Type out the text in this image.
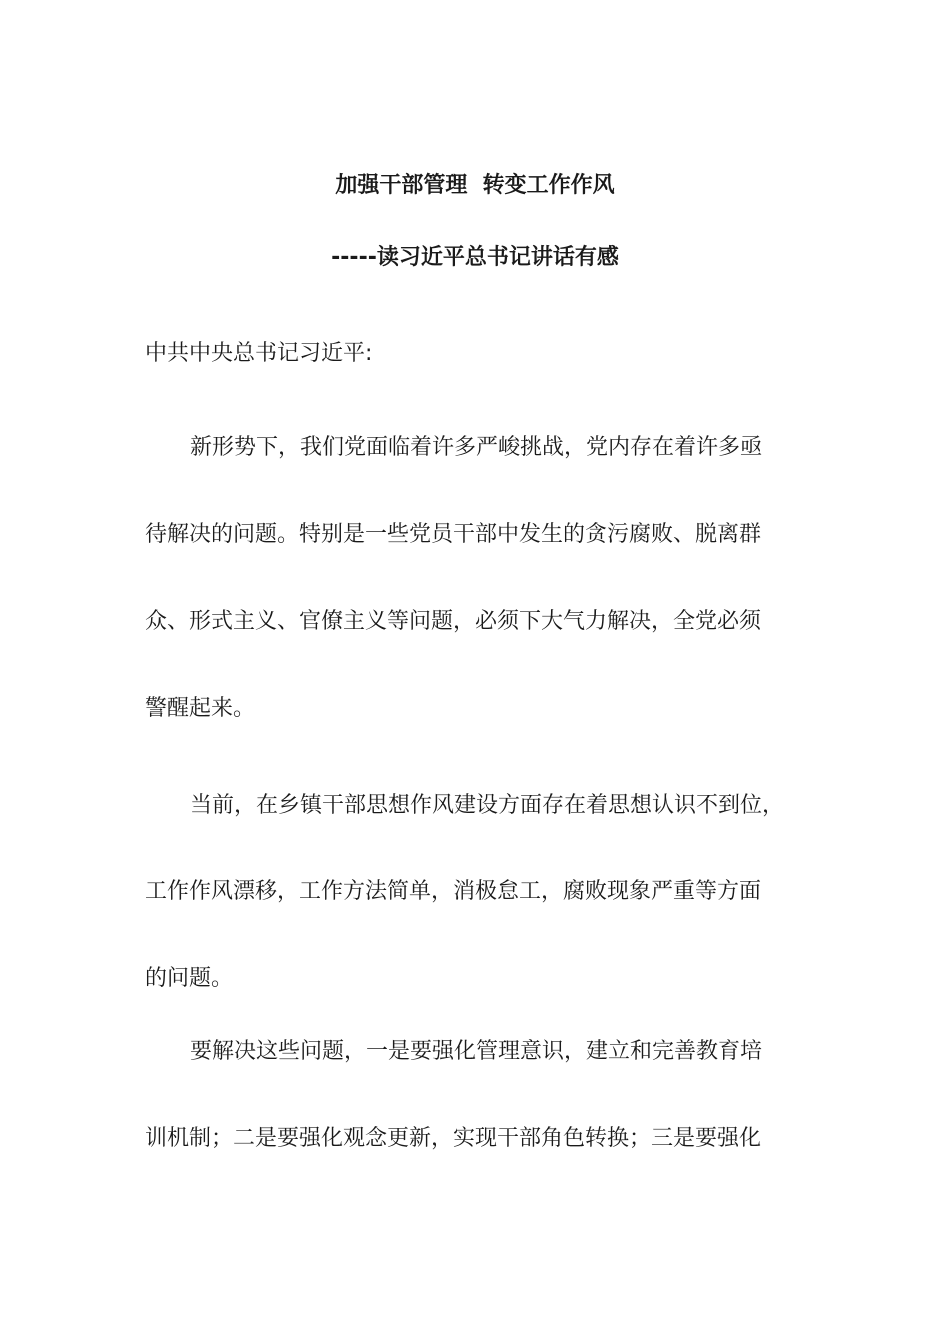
加强干部管理  转变工作作风
-----读习近平总书记讲话有感
中共中央总书记习近平:
新形势下，我们党面临着许多严峻挑战，党内存在着许多亟
待解决的问题。特别是一些党员干部中发生的贪污腐败、脱离群
众、形式主义、官僚主义等问题，必须下大气力解决，全党必须
警醒起来。
当前，在乡镇干部思想作风建设方面存在着思想认识不到位，
工作作风漂移，工作方法简单，消极怠工，腐败现象严重等方面
的问题。
要解决这些问题，一是要强化管理意识，建立和完善教育培
训机制；二是要强化观念更新，实现干部角色转换；三是要强化
